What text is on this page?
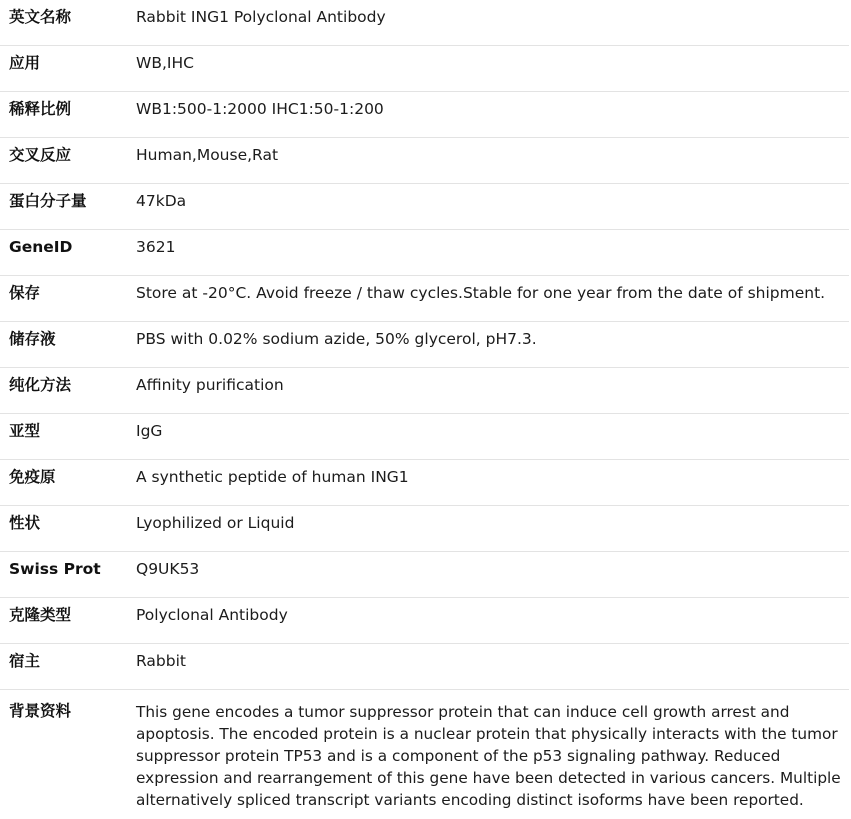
英文名称	Rabbit ING1 Polyclonal Antibody
应用	WB,IHC
稀释比例	WB1:500-1:2000 IHC1:50-1:200
交叉反应	Human,Mouse,Rat
蛋白分子量	47kDa
GeneID	3621
保存	Store at -20°C. Avoid freeze / thaw cycles.Stable for one year from the date of shipment.
储存液	PBS with 0.02% sodium azide, 50% glycerol, pH7.3.
纯化方法	Affinity purification
亚型	IgG
免疫原	A synthetic peptide of human ING1
性状	Lyophilized or Liquid
Swiss Prot	Q9UK53
克隆类型	Polyclonal Antibody
宿主	Rabbit
背景资料	This gene encodes a tumor suppressor protein that can induce cell growth arrest and apoptosis. The encoded protein is a nuclear protein that physically interacts with the tumor suppressor protein TP53 and is a component of the p53 signaling pathway. Reduced expression and rearrangement of this gene have been detected in various cancers. Multiple alternatively spliced transcript variants encoding distinct isoforms have been reported.
